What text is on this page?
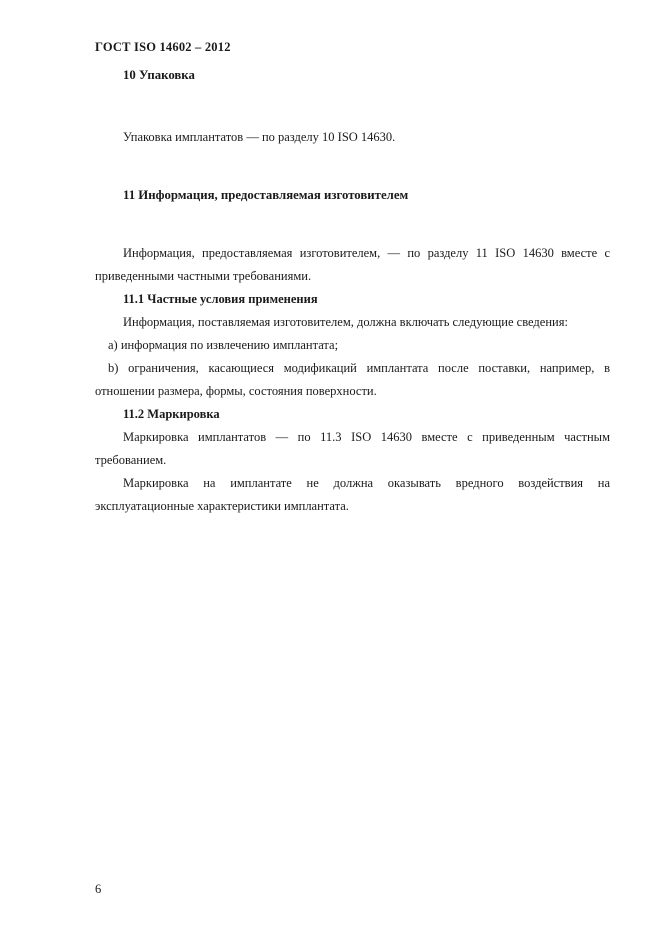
ГОСТ ISO 14602 – 2012
10 Упаковка

Упаковка имплантатов — по разделу 10 ISO 14630.

11 Информация, предоставляемая изготовителем

Информация, предоставляемая изготовителем, — по разделу 11 ISO 14630 вместе с приведенными частными требованиями.

11.1 Частные условия применения

Информация, поставляемая изготовителем, должна включать следующие сведения:

а) информация по извлечению имплантата;

b) ограничения, касающиеся модификаций имплантата после поставки, например, в отношении размера, формы, состояния поверхности.

11.2 Маркировка

Маркировка имплантатов — по 11.3 ISO 14630 вместе с приведенным частным требованием.

Маркировка на имплантате не должна оказывать вредного воздействия на эксплуатационные характеристики имплантата.

6
